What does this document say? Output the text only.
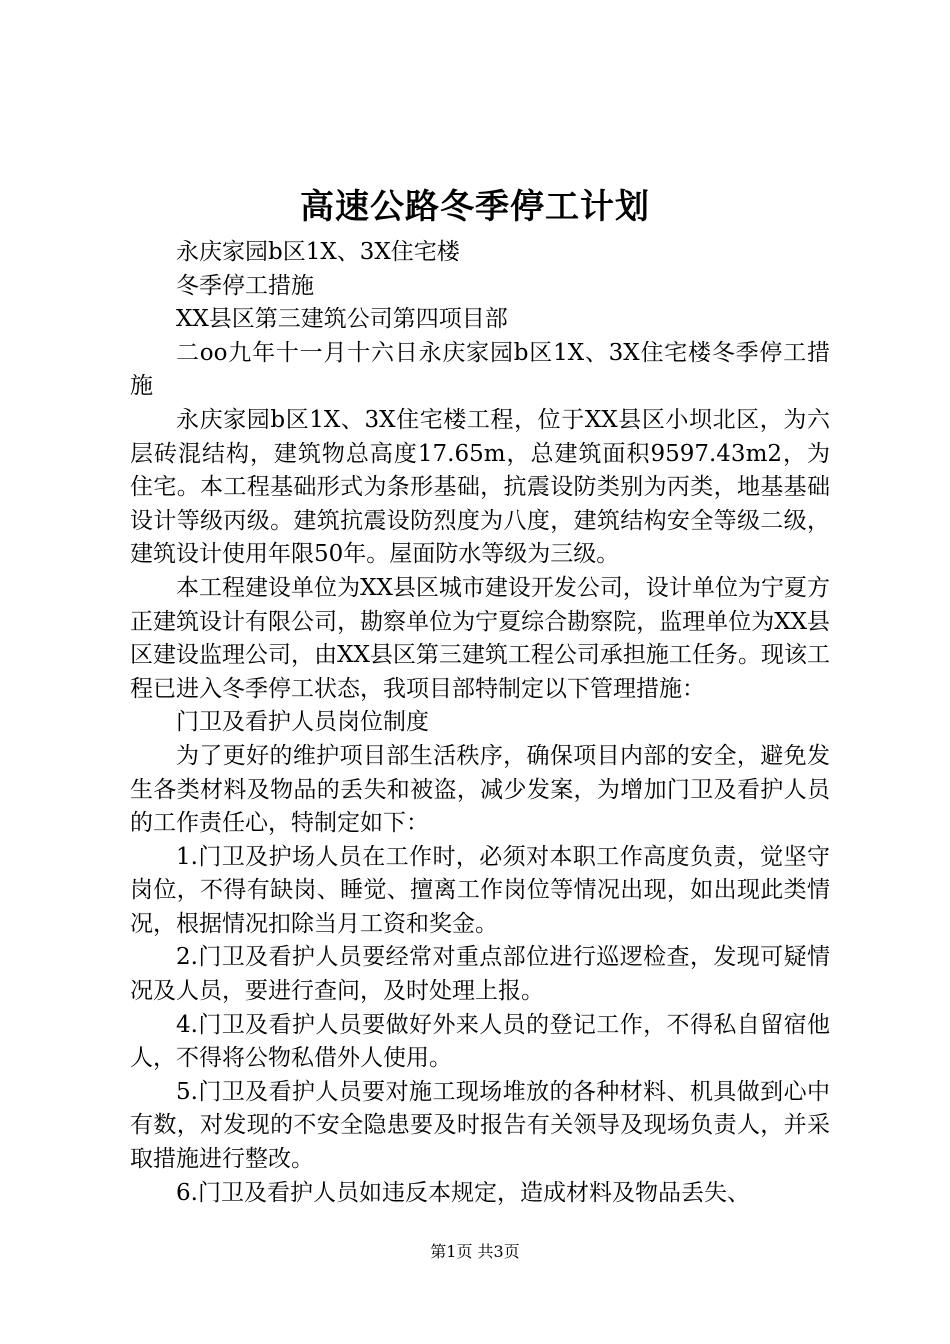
高速公路冬季停工计划

永庆家园b区1X、3X住宅楼

冬季停工措施

XX县区第三建筑公司第四项目部

二oo九年十一月十六日永庆家园b区1X、3X住宅楼冬季停工措施

永庆家园b区1X、3X住宅楼工程，位于XX县区小坝北区，为六层砖混结构，建筑物总高度17.65m，总建筑面积9597.43m2，为住宅。本工程基础形式为条形基础，抗震设防类别为丙类，地基基础设计等级丙级。建筑抗震设防烈度为八度，建筑结构安全等级二级，建筑设计使用年限50年。屋面防水等级为三级。

本工程建设单位为XX县区城市建设开发公司，设计单位为宁夏方正建筑设计有限公司，勘察单位为宁夏综合勘察院，监理单位为XX县区建设监理公司，由XX县区第三建筑工程公司承担施工任务。现该工程已进入冬季停工状态，我项目部特制定以下管理措施：

门卫及看护人员岗位制度

为了更好的维护项目部生活秩序，确保项目内部的安全，避免发生各类材料及物品的丢失和被盗，减少发案，为增加门卫及看护人员的工作责任心，特制定如下：

1.门卫及护场人员在工作时，必须对本职工作高度负责，觉坚守岗位，不得有缺岗、睡觉、擅离工作岗位等情况出现，如出现此类情况，根据情况扣除当月工资和奖金。

2.门卫及看护人员要经常对重点部位进行巡逻检查，发现可疑情况及人员，要进行查问，及时处理上报。

4.门卫及看护人员要做好外来人员的登记工作，不得私自留宿他人，不得将公物私借外人使用。

5.门卫及看护人员要对施工现场堆放的各种材料、机具做到心中有数，对发现的不安全隐患要及时报告有关领导及现场负责人，并采取措施进行整改。

6.门卫及看护人员如违反本规定，造成材料及物品丢失、

第1页 共3页
